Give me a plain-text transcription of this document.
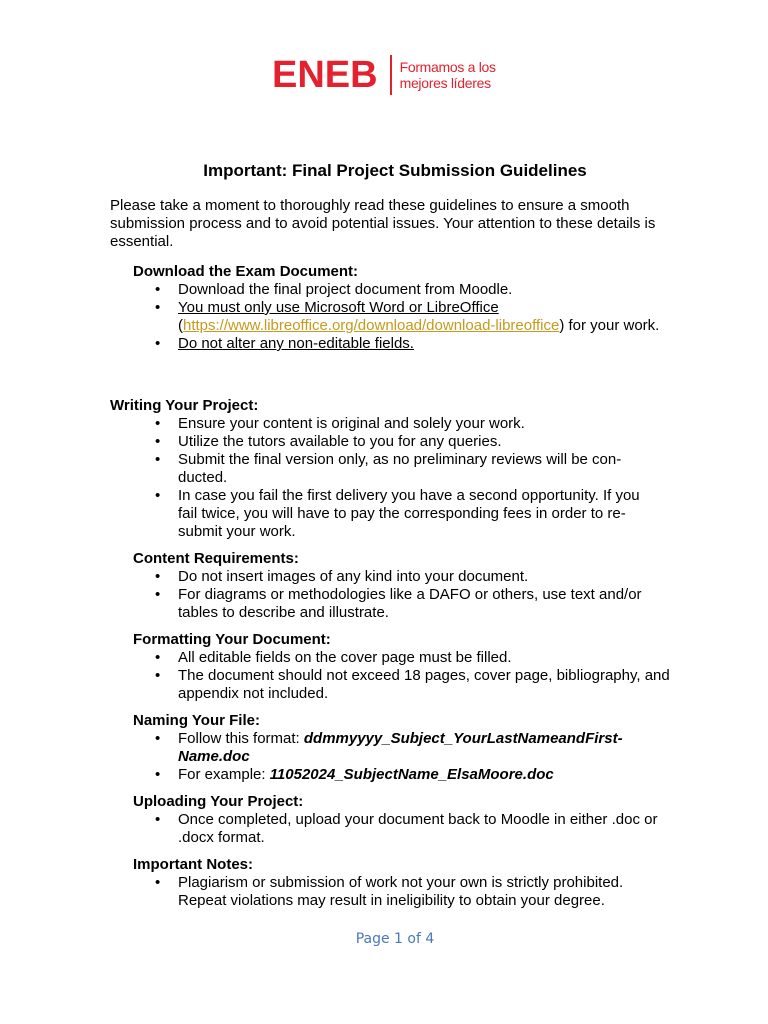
ENEB Formamos a los
mejores líderes
Important: Final Project Submission Guidelines
Please take a moment to thoroughly read these guidelines to ensure a smooth submission process and to avoid potential issues. Your attention to these details is essential.
Download the Exam Document:
• Download the final project document from Moodle.
• You must only use Microsoft Word or LibreOffice
(https://www.libreoffice.org/download/download-libreoffice) for your work.
• Do not alter any non-editable fields.
Writing Your Project:
• Ensure your content is original and solely your work.
• Utilize the tutors available to you for any queries.
• Submit the final version only, as no preliminary reviews will be con-ducted.
• In case you fail the first delivery you have a second opportunity. If you fail twice, you will have to pay the corresponding fees in order to re-submit your work.
Content Requirements:
• Do not insert images of any kind into your document.
• For diagrams or methodologies like a DAFO or others, use text and/or tables to describe and illustrate.
Formatting Your Document:
• All editable fields on the cover page must be filled.
• The document should not exceed 18 pages, cover page, bibliography, and appendix not included.
Naming Your File:
• Follow this format: ddmmyyyy_Subject_YourLastNameandFirst-Name.doc
• For example: 11052024_SubjectName_ElsaMoore.doc
Uploading Your Project:
• Once completed, upload your document back to Moodle in either .doc or .docx format.
Important Notes:
• Plagiarism or submission of work not your own is strictly prohibited. Repeat violations may result in ineligibility to obtain your degree.
Page 1 of 4
